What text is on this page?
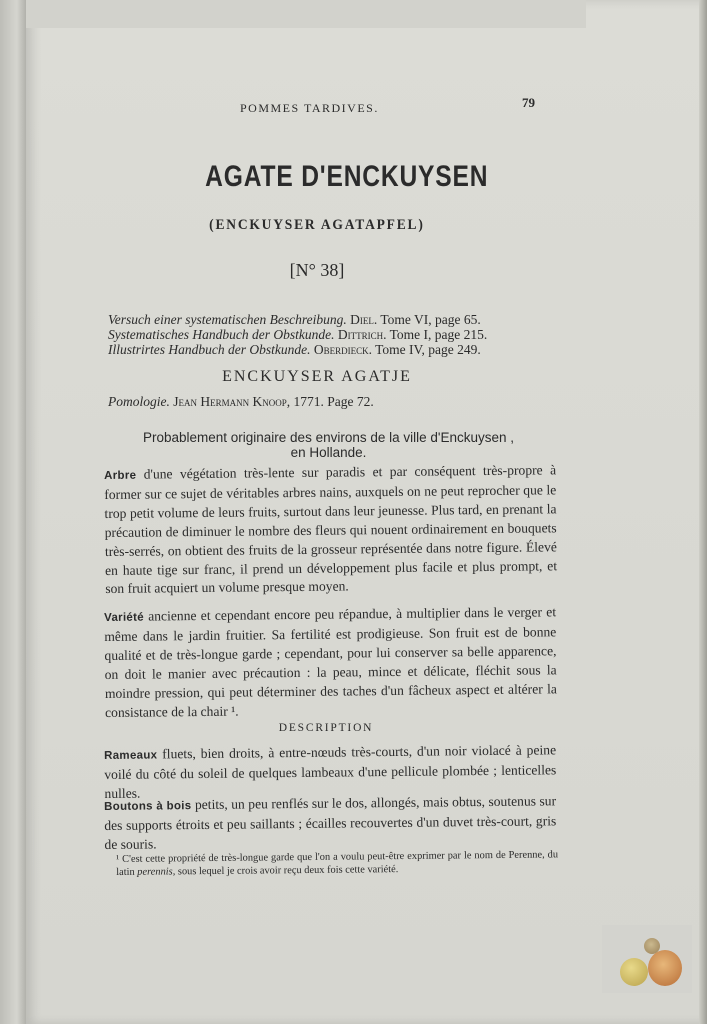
POMMES TARDIVES.	79
AGATE D'ENCKUYSEN
(ENCKUYSER AGATAPFEL)
[N° 38]
Versuch einer systematischen Beschreibung. Diel. Tome VI, page 65.
Systematisches Handbuch der Obstkunde. Dittrich. Tome I, page 215.
Illustrirtes Handbuch der Obstkunde. Oberdieck. Tome IV, page 249.
ENCKUYSER AGATJE
Pomologie. Jean Hermann Knoop, 1771. Page 72.
Probablement originaire des environs de la ville d'Enckuysen ,
en Hollande.

Arbre d'une végétation très-lente sur paradis et par conséquent très-propre à former sur ce sujet de véritables arbres nains, auxquels on ne peut reprocher que le trop petit volume de leurs fruits, surtout dans leur jeunesse. Plus tard, en prenant la précaution de diminuer le nombre des fleurs qui nouent ordinairement en bouquets très-serrés, on obtient des fruits de la grosseur représentée dans notre figure. Élevé en haute tige sur franc, il prend un développement plus facile et plus prompt, et son fruit acquiert un volume presque moyen.

Variété ancienne et cependant encore peu répandue, à multiplier dans le verger et même dans le jardin fruitier. Sa fertilité est prodigieuse. Son fruit est de bonne qualité et de très-longue garde ; cependant, pour lui conserver sa belle apparence, on doit le manier avec précaution : la peau, mince et délicate, fléchit sous la moindre pression, qui peut déterminer des taches d'un fâcheux aspect et altérer la consistance de la chair ¹.

DESCRIPTION

Rameaux fluets, bien droits, à entre-nœuds très-courts, d'un noir violacé à peine voilé du côté du soleil de quelques lambeaux d'une pellicule plombée ; lenticelles nulles.

Boutons à bois petits, un peu renflés sur le dos, allongés, mais obtus, soutenus sur des supports étroits et peu saillants ; écailles recouvertes d'un duvet très-court, gris de souris.

¹ C'est cette propriété de très-longue garde que l'on a voulu peut-être exprimer par le nom de Perenne, du latin perennis, sous lequel je crois avoir reçu deux fois cette variété.
